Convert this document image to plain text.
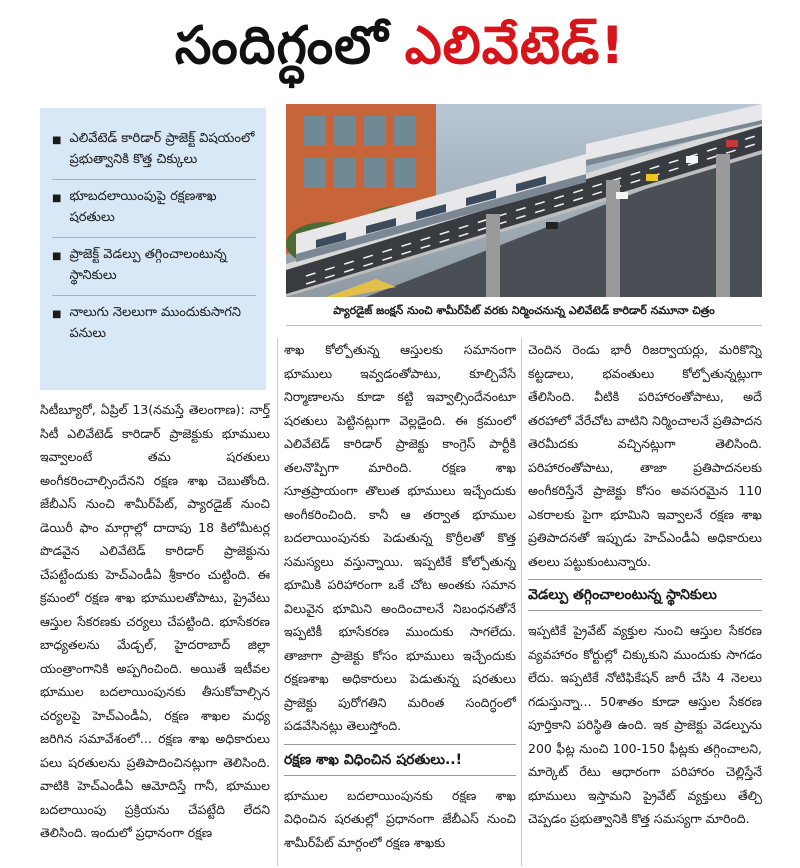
సందిగ్ధంలో ఎలివేటెడ్!
■ ఎలివేటెడ్ కారిడార్ ప్రాజెక్ట్ విషయంలో ప్రభుత్వానికి కొత్త చిక్కులు
■ భూబదలాయింపుపై రక్షణశాఖ షరతులు
■ ప్రాజెక్ట్ వెడల్పు తగ్గించాలంటున్న స్థానికులు
■ నాలుగు నెలలుగా ముందుకుసాగని పనులు
ప్యారడైజ్ జంక్షన్ నుంచి శామీర్‌పేట్ వరకు నిర్మించనున్న ఎలివేటెడ్ కారిడార్ నమూనా చిత్రం

సిటీబ్యూరో, ఏప్రిల్ 13(నమస్తే తెలంగాణ): నార్త్ సిటీ ఎలివేటెడ్ కారిడార్ ప్రాజెక్టుకు భూములు ఇవ్వాలంటే తమ షరతులు అంగీకరించాల్సిందేనని రక్షణ శాఖ చెబుతోంది. జేబీఎస్ నుంచి శామీర్‌పేట్, ప్యారడైజ్ నుంచి డెయిరీ ఫాం మార్గాల్లో దాదాపు 18 కిలోమీటర్ల పొడవైన ఎలివేటెడ్ కారిడార్ ప్రాజెక్టును చేపట్టేందుకు హెచ్ఎండీఏ శ్రీకారం చుట్టింది. ఈ క్రమంలో రక్షణ శాఖ భూములతోపాటు, ప్రైవేటు ఆస్తుల సేకరణకు చర్యలు చేపట్టింది. భూసేకరణ బాధ్యతలను మేడ్చల్, హైదరాబాద్ జిల్లా యంత్రాంగానికి అప్పగించింది. అయితే ఇటీవల భూముల బదలాయింపునకు తీసుకోవాల్సిన చర్యలపై హెచ్ఎండీఏ, రక్షణ శాఖల మధ్య జరిగిన సమావేశంలో... రక్షణ శాఖ అధికారులు పలు షరతులను ప్రతిపాదించినట్లుగా తెలిసింది. వాటికి హెచ్ఎండీఏ ఆమోదిస్తే గానీ, భూముల బదలాయింపు ప్రక్రియను చేపట్టేది లేదని తెలిసింది. ఇందులో ప్రధానంగా రక్షణ

శాఖ కోల్పోతున్న ఆస్తులకు సమానంగా భూములు ఇవ్వడంతోపాటు, కూల్చివేసే నిర్మాణాలను కూడా కట్టి ఇవ్వాల్సిందేనంటూ షరతులు పెట్టినట్లుగా వెల్లడైంది. ఈ క్రమంలో ఎలివేటెడ్ కారిడార్ ప్రాజెక్టు కాంగ్రెస్ పార్టీకి తలనొప్పిగా మారింది. రక్షణ శాఖ సూత్రప్రాయంగా తొలుత భూములు ఇచ్చేందుకు అంగీకరించింది. కానీ ఆ తర్వాత భూముల బదలాయింపునకు పెడుతున్న కొర్రీలతో కొత్త సమస్యలు వస్తున్నాయి. ఇప్పటికే కోల్పోతున్న భూమికి పరిహారంగా ఒకే చోట అంతకు సమాన విలువైన భూమిని అందించాలనే నిబంధనతోనే ఇప్పటికీ భూసేకరణ ముందుకు సాగలేదు. తాజాగా ప్రాజెక్టు కోసం భూములు ఇచ్చేందుకు రక్షణశాఖ అధికారులు పెడుతున్న షరతులు ప్రాజెక్టు పురోగతిని మరింత సందిగ్ధంలో పడవేసినట్లు తెలుస్తోంది.

రక్షణ శాఖ విధించిన షరతులు..!

భూముల బదలాయింపునకు రక్షణ శాఖ విధించిన షరతుల్లో ప్రధానంగా జేబీఎస్ నుంచి శామీర్‌పేట్ మార్గంలో రక్షణ శాఖకు

చెందిన రెండు భారీ రిజర్వాయర్లు, మరికొన్ని కట్టడాలు, భవంతులు కోల్పోతున్నట్లుగా తేలిసింది. వీటికి పరిహారంతోపాటు, అదే తరహాలో వేరేచోట వాటిని నిర్మించాలనే ప్రతిపాదన తెరమీదకు వచ్చినట్లుగా తెలిసింది. పరిహారంతోపాటు, తాజా ప్రతిపాదనలకు అంగీకరిస్తేనే ప్రాజెక్టు కోసం అవసరమైన 110 ఎకరాలకు పైగా భూమిని ఇవ్వాలనే రక్షణ శాఖ ప్రతిపాదనతో ఇప్పుడు హెచ్ఎండీఏ అధికారులు తలలు పట్టుకుంటున్నారు.

వెడల్పు తగ్గించాలంటున్న స్థానికులు

ఇప్పటికే ప్రైవేట్ వ్యక్తుల నుంచి ఆస్తుల సేకరణ వ్యవహారం కోర్టుల్లో చిక్కుకుని ముందుకు సాగడం లేదు. ఇప్పటికే నోటిఫికేషన్ జారీ చేసి 4 నెలలు గడుస్తున్నా... 50శాతం కూడా ఆస్తుల సేకరణ పూర్తికాని పరిస్థితి ఉంది. ఇక ప్రాజెక్టు వెడల్పును 200 ఫీట్ల నుంచి 100-150 ఫీట్లకు తగ్గించాలని, మార్కెట్ రేటు ఆధారంగా పరిహారం చెల్లిస్తేనే భూములు ఇస్తామని ప్రైవేట్ వ్యక్తులు తేల్చి చెప్పడం ప్రభుత్వానికి కొత్త సమస్యగా మారింది.
